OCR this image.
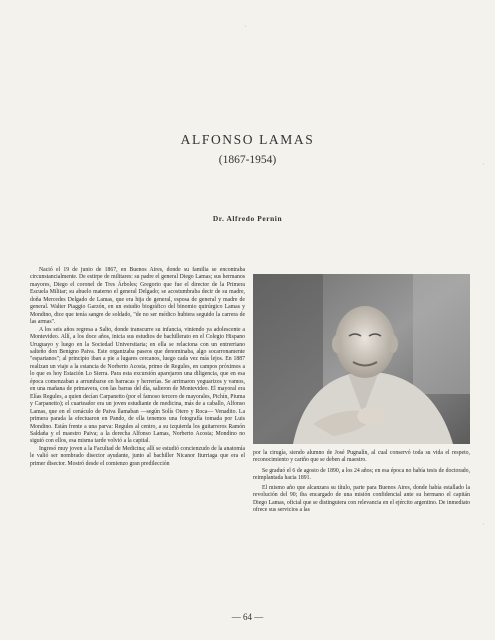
ALFONSO LAMAS
(1867-1954)
Dr. Alfredo Pernin

Nació el 19 de junio de 1867, en Buenos Aires, donde su familia se encontraba circunstancialmente. De estirpe de militares: su padre el general Diego Lamas; sus hermanos mayores, Diego el coronel de Tres Árboles; Gregorio que fue el director de la Primera Escuela Militar; su abuelo materno el general Delgado; se acostumbraba decir de su madre, doña Mercedes Delgado de Lamas, que era hija de general, esposa de general y madre de general. Walter Piaggio Garzón, en un estudio biográfico del binomio quirúrgico Lamas y Mondino, dice que tenía sangre de soldado, "de no ser médico hubiera seguido la carrera de las armas".

A los seis años regresa a Salto, donde transcurre su infancia, viniendo ya adolescente a Montevideo. Allí, a los doce años, inicia sus estudios de bachillerato en el Colegio Hispano Uruguayo y luego en la Sociedad Universitaria; en ella se relaciona con un entrerriano salteño don Benigno Paiva. Este organizaba paseos que denominaba, algo socarronamente "espartanos"; al principio iban a pie a lugares cercanos, luego cada vez más lejos. En 1887 realizan un viaje a la estancia de Norberto Acosta, primo de Regules, en campos próximos a lo que es hoy Estación Lo Sierra. Para esta excursión aparejaron una diligencia, que en esa época comenzaban a arrumbarse en barracas y herrerías. Se arrimaron yeguarizos y vamos, en una mañana de primavera, con las barras del día, salieron de Montevideo. El mayoral era Elías Regules, a quien decían Carpanetto (por el famoso tercero de mayorales, Pichín, Piuma y Carpanetto); el cuarteador era un joven estudiante de medicina, más de a caballo, Alfonso Lamas, que en el cenáculo de Paiva llamaban —según Solís Otero y Roca— Venadito. La primera parada la efectuaron en Pando, de ella tenemos una fotografía tomada por Luis Mondino. Están frente a una parva: Regules al centro, a su izquierda los guitarreros Ramón Saldaña y el maestro Paiva; a la derecha Alfonso Lamas, Norberto Acosta; Mondino no siguió con ellos, esa misma tarde volvió a la capital.

Ingresó muy joven a la Facultad de Medicina; allí se estudió concienzudo de la anatomía le valió ser nombrado disector ayudante, junto al bachiller Nicanor Iturriaga que era el primer disector. Mostró desde el comienzo gran predilección

por la cirugía, siendo alumno de José Pugnalín, al cual conservó toda su vida el respeto, reconocimiento y cariño que se deben al maestro.

Se graduó el 6 de agosto de 1890, a los 24 años; en esa época no había tesis de doctorado, reimplantada hacia 1891.

El mismo año que alcanzara su título, parte para Buenos Aires, donde había estallado la revolución del 90; iba encargado de una misión confidencial ante su hermano el capitán Diego Lamas, oficial que se distinguiera con relevancia en el ejército argentino. De inmediato ofrece sus servicios a las

— 64 —
·
·
·
